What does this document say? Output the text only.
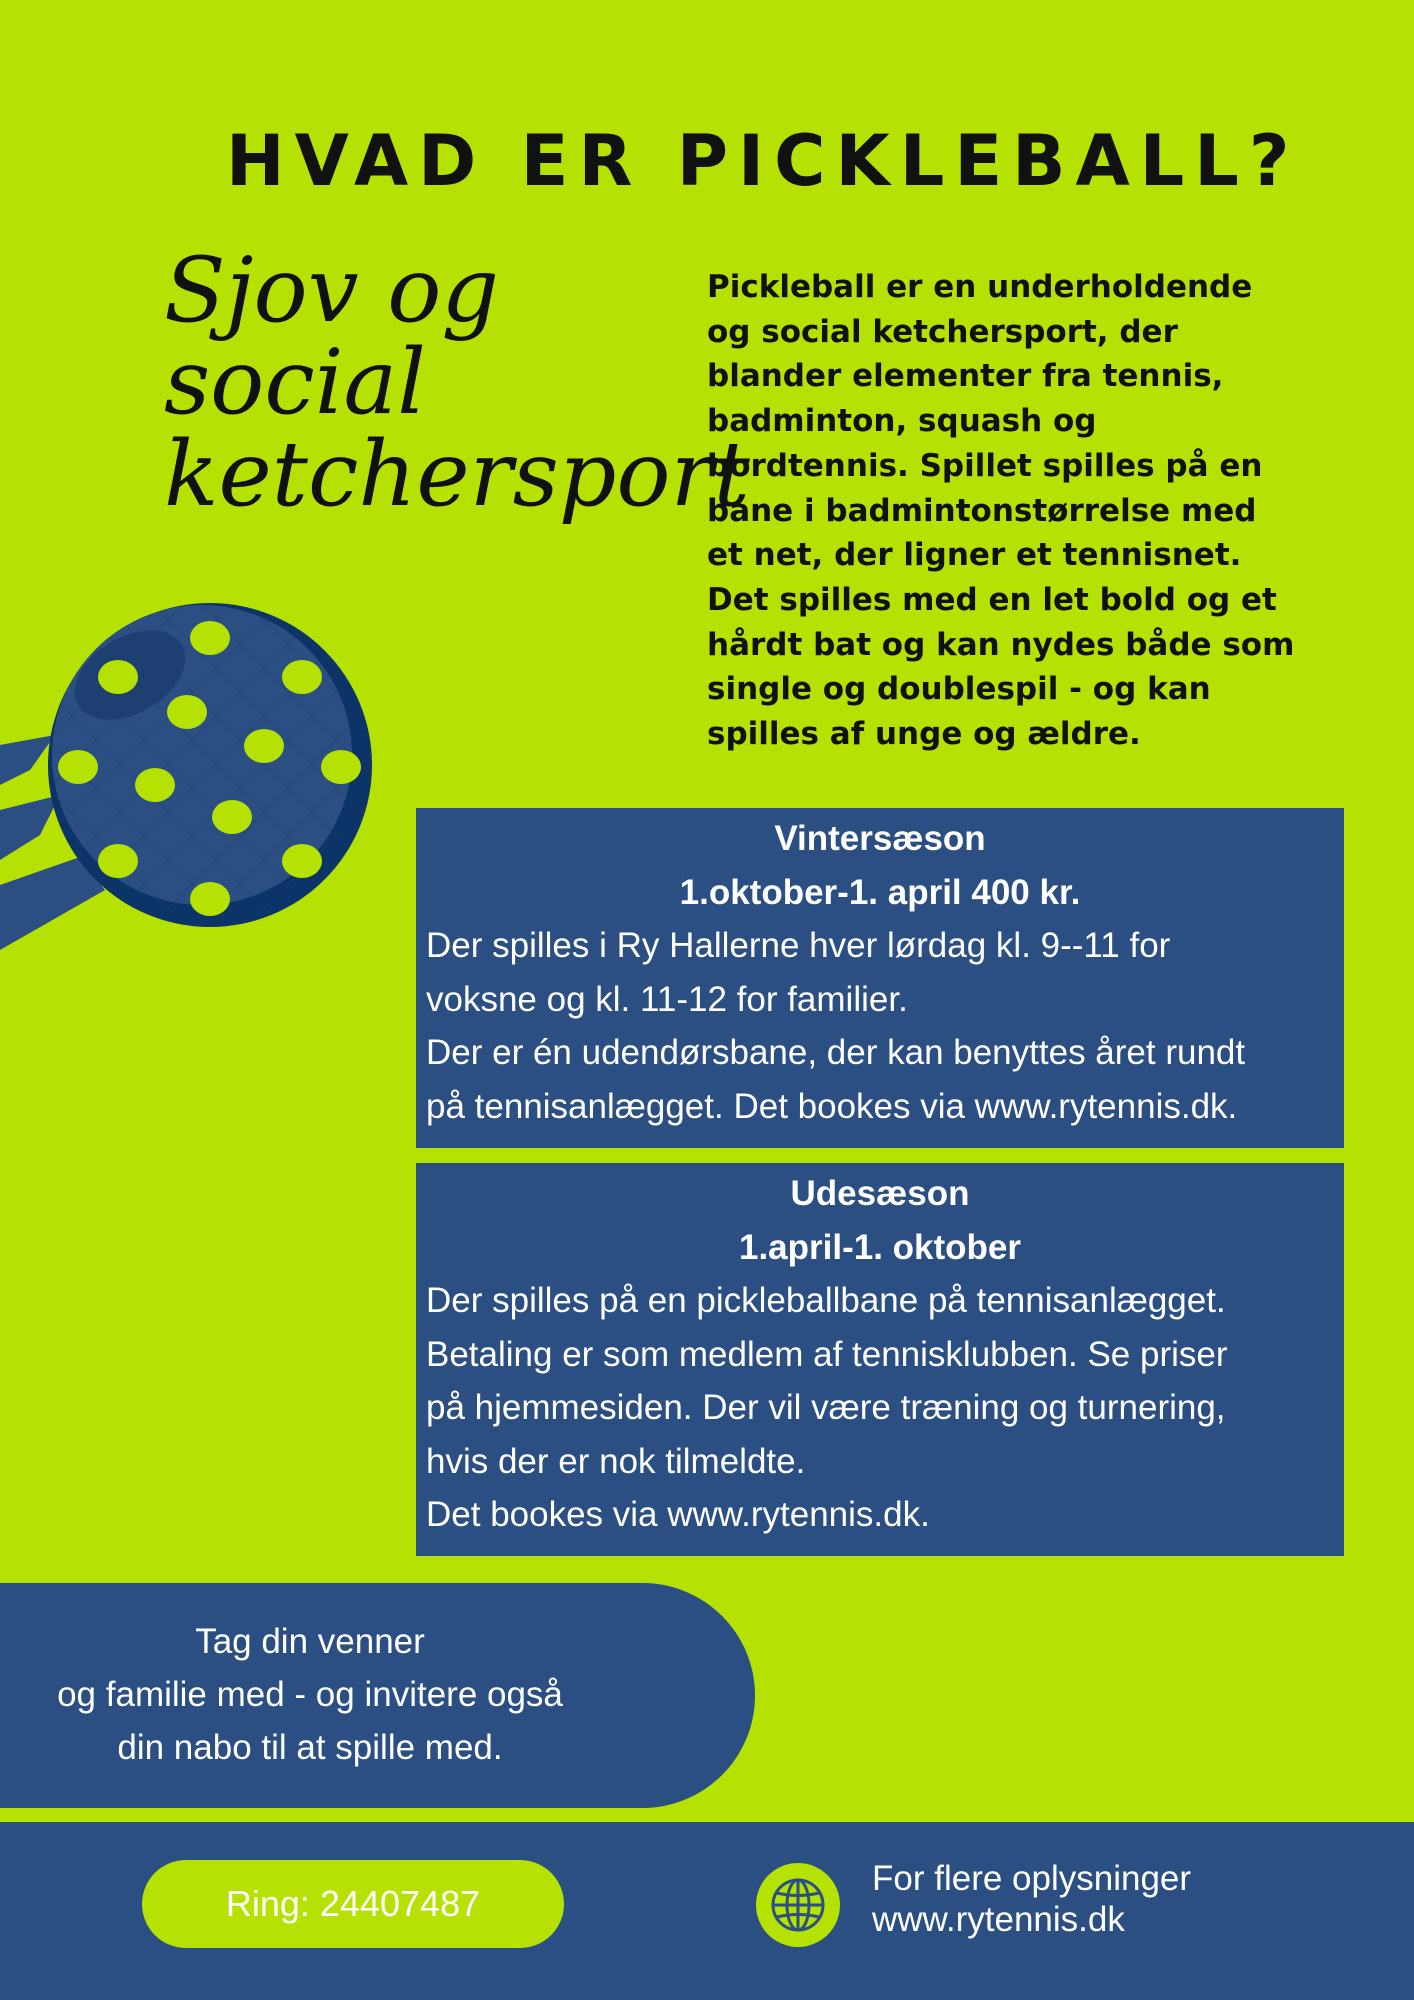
HVAD ER PICKLEBALL?
Sjov og
social
ketchersport
Pickleball er en underholdende
og social ketchersport, der
blander elementer fra tennis,
badminton, squash og
bordtennis. Spillet spilles på en
bane i badmintonstørrelse med
et net, der ligner et tennisnet.
Det spilles med en let bold og et
hårdt bat og kan nydes både som
single og doublespil - og kan
spilles af unge og ældre.
Vintersæson
1.oktober-1. april 400 kr.
Der spilles i Ry Hallerne hver lørdag kl. 9--11 for
voksne og kl. 11-12 for familier.
Der er én udendørsbane, der kan benyttes året rundt
på tennisanlægget. Det bookes via www.rytennis.dk.
Udesæson
1.april-1. oktober
Der spilles på en pickleballbane på tennisanlægget.
Betaling er som medlem af tennisklubben. Se priser
på hjemmesiden. Der vil være træning og turnering,
hvis der er nok tilmeldte.
Det bookes via www.rytennis.dk.
Tag din venner
og familie med - og invitere også
din nabo til at spille med.
Ring: 24407487
For flere oplysninger
www.rytennis.dk
